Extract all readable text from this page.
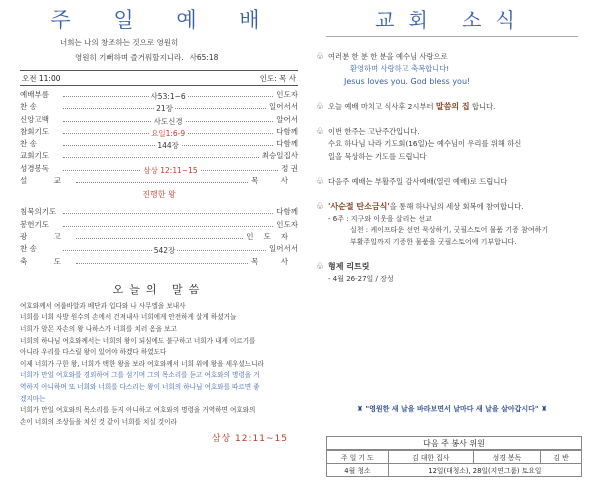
주 일 예 배
너희는 나의 창조하는 것으로 영원히
영원히 기뻐하며 즐거워할지니라. 사65:18
오전 11:00	인도: 목 사
예배부름	사53:1~6	인도자
찬 송	21장	일어서서
신앙고백	사도신경	알어서
참회기도	요일1:6-9	다함께
찬 송	144장	다함께
교회기도	최승일집사
성경봉독	삼상 12:11~15	정 권
설 교	목 사
진행한 왕
침묵의기도	다함께
봉헌기도	인도자
광 고	인도자
찬 송	542장	일어서서
축 도	목 사
오늘의 말씀

여호와께서 여룹바알과 베단과 입다와 나 사무엘을 보내사

너희를 너희 사방 원수의 손에서 건져내사 너희에게 안전하게 살게 하셨거늘

너희가 암몬 자손의 왕 나하스가 너희를 치러 옴을 보고

너희의 하나님 여호와께서는 너희의 왕이 되심에도 불구하고 너희가 내게 이르기를

아니라 우리를 다스릴 왕이 있어야 하겠다 하였도다

이제 너희가 구한 왕, 너희가 택한 왕을 보라 여호와께서 너희 위에 왕을 세우셨느니라

너희가 만일 여호와를 경외하여 그를 섬기며 그의 목소리를 듣고 여호와의 명령을 거

역하지 아니하며 또 너희와 너희를 다스리는 왕이 너희의 하나님 여호와를 따르면 좋

겠지마는

너희가 만일 여호와의 목소리를 듣지 아니하고 여호와의 명령을 거역하면 여호와의

손이 너희의 조상들을 치신 것 같이 너희를 치실 것이라

삼상 12:11~15
교회 소식
♧ 여러분 한 분 한 분을 예수님 사랑으로
환영하며 사랑하고 축복합니다!
Jesus loves you. God bless you!
♧ 오늘 예배 마치고 식사후 2시부터 말씀의 집 합니다.
♧ 이번 한주는 고난주간입니다.
수요 하나님 나라 기도회(16일)는 예수님이 우리를 위해 하신
일을 묵상하는 기도를 드립니다
♧ 다음주 예배는 부활주일 감사예배(열린 예배)로 드립니다
♧ '사순절 탄소금식'을 통해 하나님의 세상 회복에 참여합니다.
- 6주 : 지구와 이웃을 살리는 선교
실천 : 케이프타운 선언 묵상하기, 굿필스토어 물품 기증 참여하기
부활주일까지 기증한 물품을 굿필스토어에 기부합니다.
♧ 형제 리트릿
- 4월 26-27일 / 장성
♜ "영원한 새 날을 바라보면서 날마다 새 날을 살아갑시다" ♜
다음 주 봉사 위원
주 일 기 도	김 대한 집사	성경 봉독	김 반
4월 청소	12일(대청소), 28일(지연그룹) 토요일		
